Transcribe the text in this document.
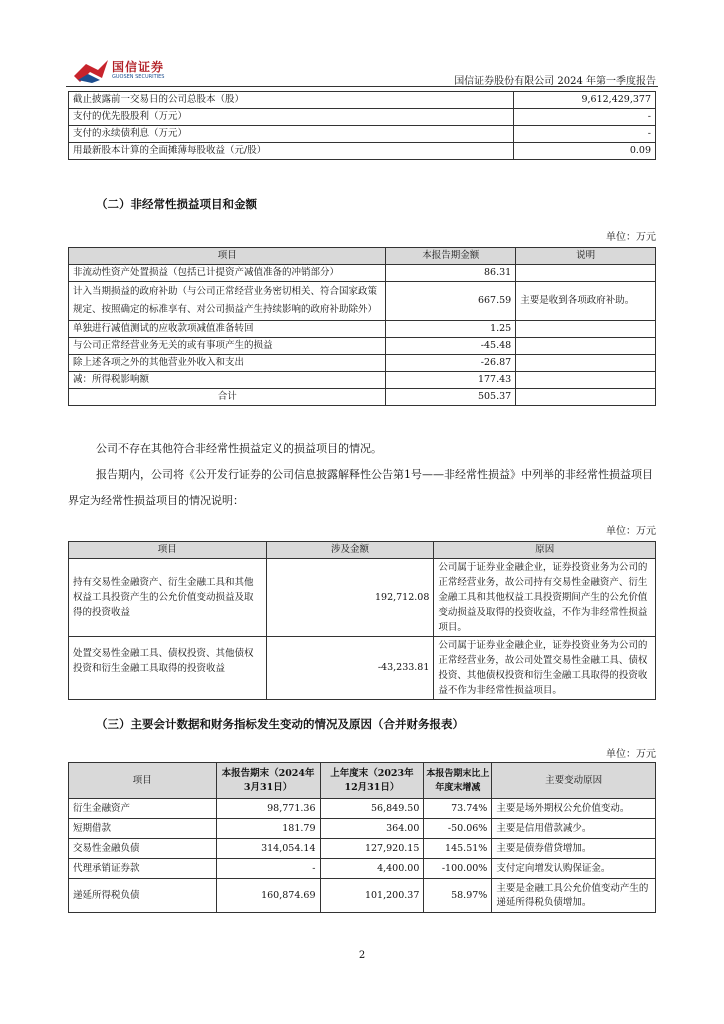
国信证券
GUOSEN SECURITIES	国信证券股份有限公司 2024 年第一季度报告
截止披露前一交易日的公司总股本（股）	9,612,429,377
支付的优先股股利（万元）	-
支付的永续债利息（万元）	-
用最新股本计算的全面摊薄每股收益（元/股）	0.09
（二）非经常性损益项目和金额
单位：万元
项目	本报告期金额	说明
非流动性资产处置损益（包括已计提资产减值准备的冲销部分）	86.31	
计入当期损益的政府补助（与公司正常经营业务密切相关、符合国家政策规定、按照确定的标准享有、对公司损益产生持续影响的政府补助除外）	667.59	主要是收到各项政府补助。
单独进行减值测试的应收款项减值准备转回	1.25	
与公司正常经营业务无关的或有事项产生的损益	-45.48	
除上述各项之外的其他营业外收入和支出	-26.87	
减：所得税影响额	177.43	
合计	505.37	
公司不存在其他符合非经常性损益定义的损益项目的情况。
报告期内，公司将《公开发行证券的公司信息披露解释性公告第1号——非经常性损益》中列举的非经常性损益项目界定为经常性损益项目的情况说明：
单位：万元
项目	涉及金额	原因
持有交易性金融资产、衍生金融工具和其他权益工具投资产生的公允价值变动损益及取得的投资收益	192,712.08	公司属于证券业金融企业，证券投资业务为公司的正常经营业务，故公司持有交易性金融资产、衍生金融工具和其他权益工具投资期间产生的公允价值变动损益及取得的投资收益，不作为非经常性损益项目。
处置交易性金融工具、债权投资、其他债权投资和衍生金融工具取得的投资收益	-43,233.81	公司属于证券业金融企业，证券投资业务为公司的正常经营业务，故公司处置交易性金融工具、债权投资、其他债权投资和衍生金融工具取得的投资收益不作为非经常性损益项目。
（三）主要会计数据和财务指标发生变动的情况及原因（合并财务报表）
单位：万元
项目	本报告期末（2024年3月31日）	上年度末（2023年12月31日）	本报告期末比上年度末增减	主要变动原因
衍生金融资产	98,771.36	56,849.50	73.74%	主要是场外期权公允价值变动。
短期借款	181.79	364.00	-50.06%	主要是信用借款减少。
交易性金融负债	314,054.14	127,920.15	145.51%	主要是债券借贷增加。
代理承销证券款	-	4,400.00	-100.00%	支付定向增发认购保证金。
递延所得税负债	160,874.69	101,200.37	58.97%	主要是金融工具公允价值变动产生的递延所得税负债增加。
2
